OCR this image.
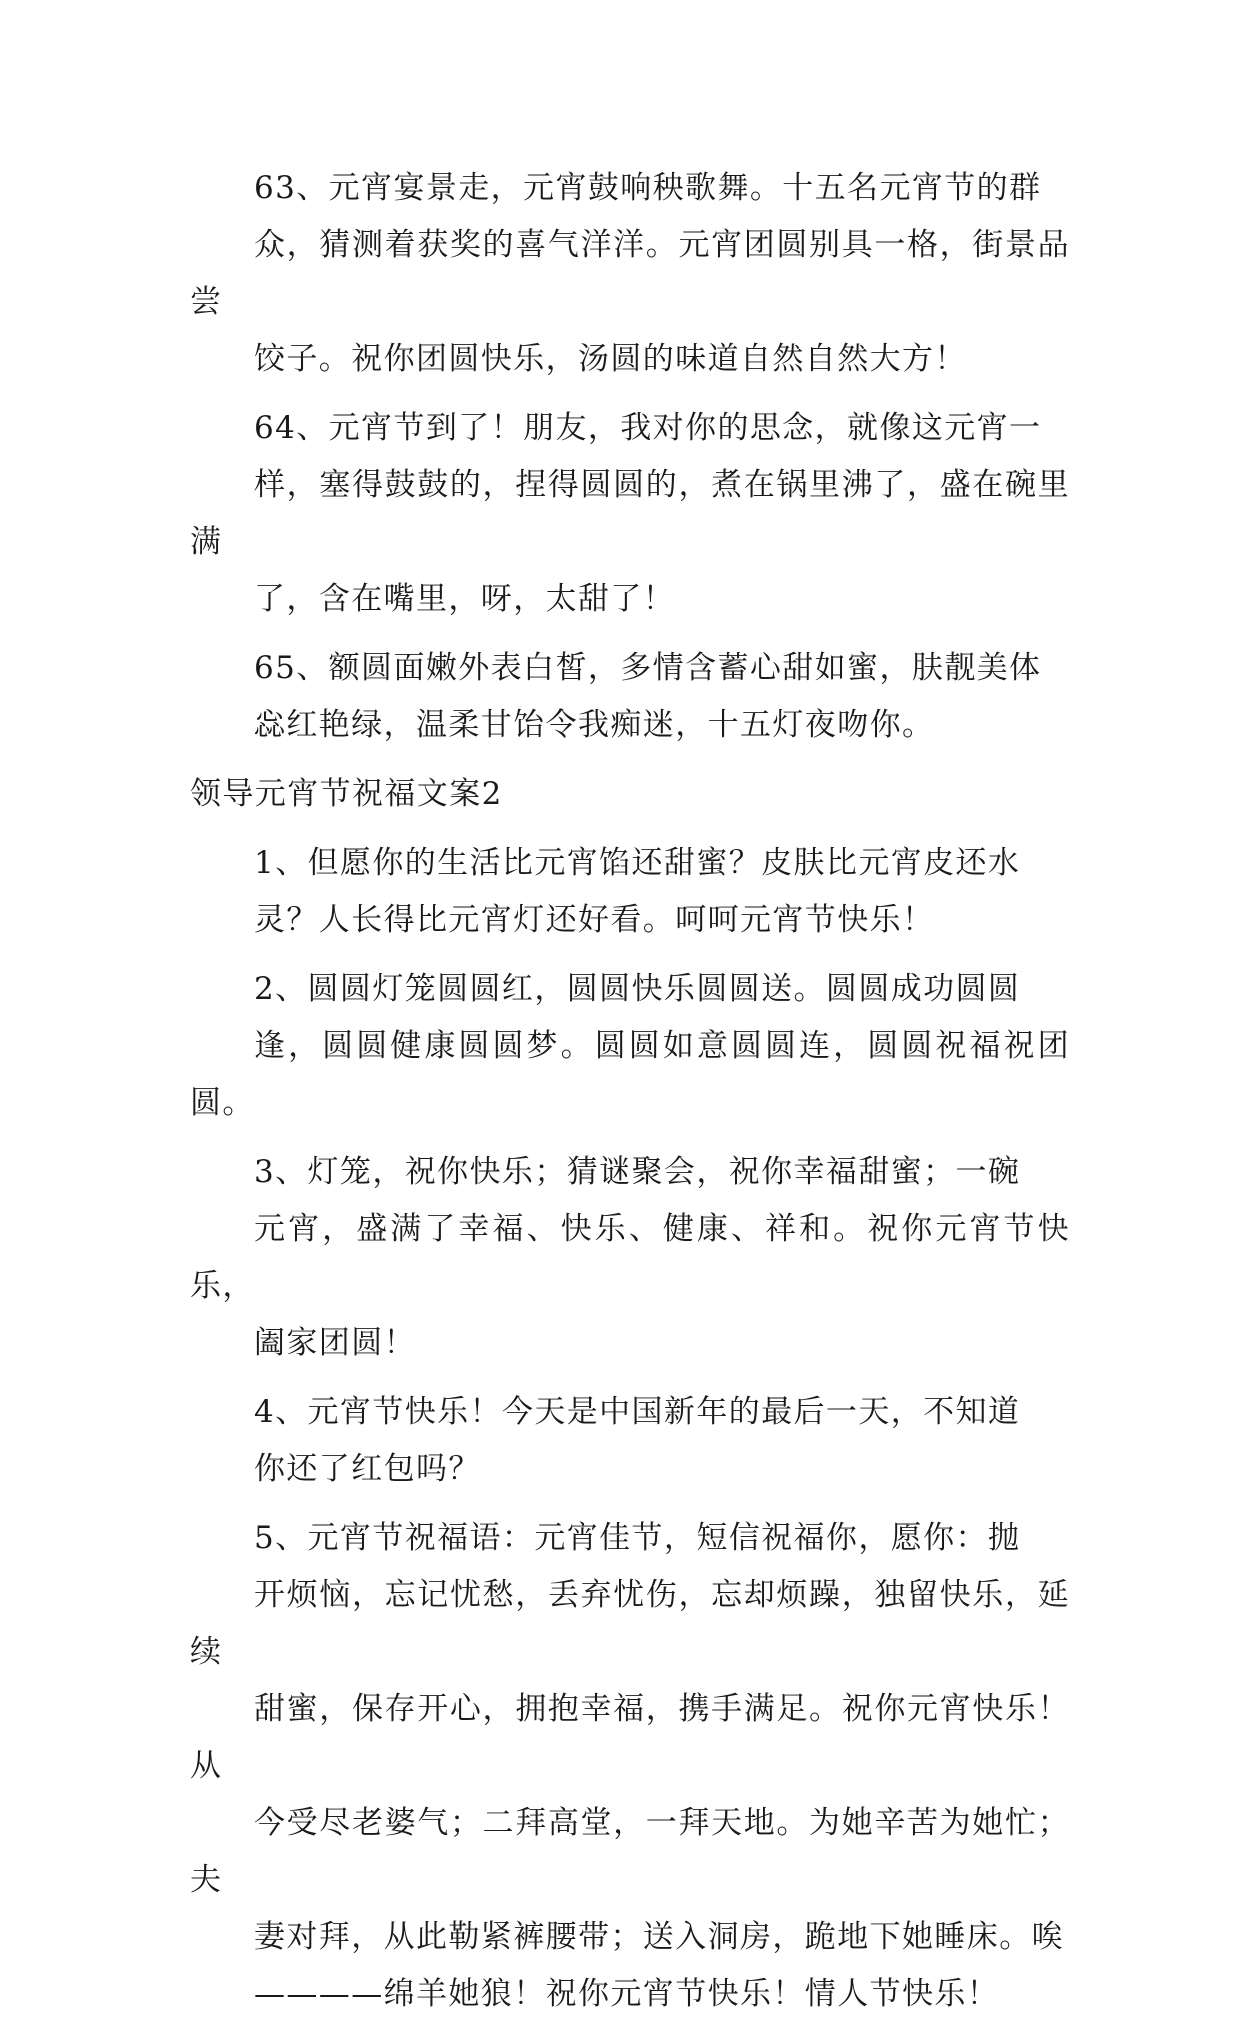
63、元宵宴景走，元宵鼓响秧歌舞。十五名元宵节的群
众，猜测着获奖的喜气洋洋。元宵团圆别具一格，街景品尝
饺子。祝你团圆快乐，汤圆的味道自然自然大方！
64、元宵节到了！朋友，我对你的思念，就像这元宵一
样，塞得鼓鼓的，捏得圆圆的，煮在锅里沸了，盛在碗里满
了，含在嘴里，呀，太甜了！
65、额圆面嫩外表白皙，多情含蓄心甜如蜜，肤靓美体
惢红艳绿，温柔甘饴令我痴迷，十五灯夜吻你。
领导元宵节祝福文案2
1、但愿你的生活比元宵馅还甜蜜？皮肤比元宵皮还水
灵？人长得比元宵灯还好看。呵呵元宵节快乐！
2、圆圆灯笼圆圆红，圆圆快乐圆圆送。圆圆成功圆圆
逢，圆圆健康圆圆梦。圆圆如意圆圆连，圆圆祝福祝团圆。
3、灯笼，祝你快乐；猜谜聚会，祝你幸福甜蜜；一碗
元宵，盛满了幸福、快乐、健康、祥和。祝你元宵节快乐，
阖家团圆！
4、元宵节快乐！今天是中国新年的最后一天，不知道
你还了红包吗？
5、元宵节祝福语：元宵佳节，短信祝福你，愿你：抛
开烦恼，忘记忧愁，丢弃忧伤，忘却烦躁，独留快乐，延续
甜蜜，保存开心，拥抱幸福，携手满足。祝你元宵快乐！从
今受尽老婆气；二拜高堂，一拜天地。为她辛苦为她忙；夫
妻对拜，从此勒紧裤腰带；送入洞房，跪地下她睡床。唉
————绵羊她狼！祝你元宵节快乐！情人节快乐！
